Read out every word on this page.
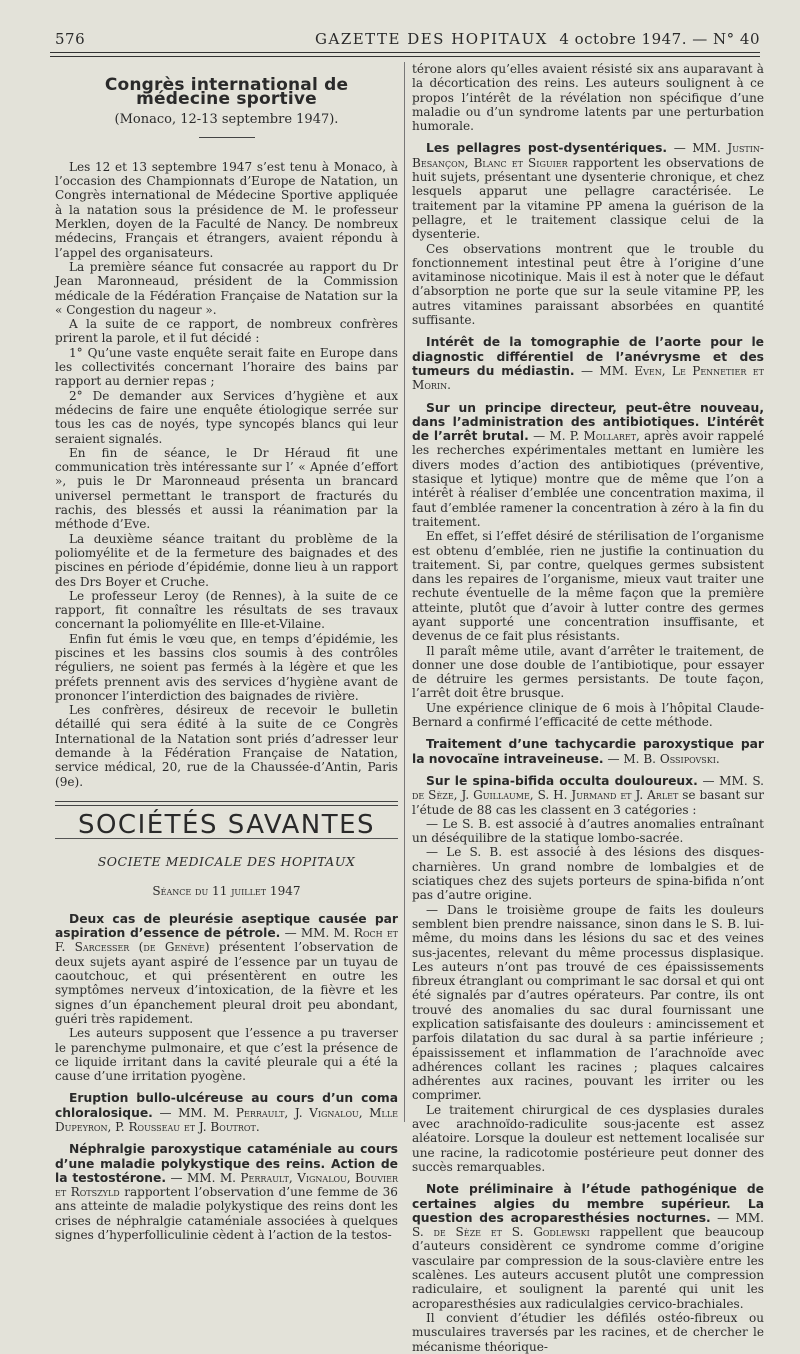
576	GAZETTE DES HOPITAUX 4 octobre 1947. — N° 40
Congrès international de médecine sportive
(Monaco, 12-13 septembre 1947).

Les 12 et 13 septembre 1947 s’est tenu à Monaco, à l’occasion des Championnats d’Europe de Natation, un Congrès international de Médecine Sportive appliquée à la natation sous la présidence de M. le professeur Merklen, doyen de la Faculté de Nancy. De nombreux médecins, Français et étrangers, avaient répondu à l’appel des organisateurs.

La première séance fut consacrée au rapport du Dr Jean Maronneaud, président de la Commission médicale de la Fédération Française de Natation sur la « Congestion du nageur ».

A la suite de ce rapport, de nombreux confrères prirent la parole, et il fut décidé :

1° Qu’une vaste enquête serait faite en Europe dans les collectivités concernant l’horaire des bains par rapport au dernier repas ;

2° De demander aux Services d’hygiène et aux médecins de faire une enquête étiologique serrée sur tous les cas de noyés, type syncopés blancs qui leur seraient signalés.

En fin de séance, le Dr Héraud fit une communication très intéressante sur l’ « Apnée d’effort », puis le Dr Maronneaud présenta un brancard universel permettant le transport de fracturés du rachis, des blessés et aussi la réanimation par la méthode d’Eve.

La deuxième séance traitant du problème de la poliomyélite et de la fermeture des baignades et des piscines en période d’épidémie, donne lieu à un rapport des Drs Boyer et Cruche.

Le professeur Leroy (de Rennes), à la suite de ce rapport, fit connaître les résultats de ses travaux concernant la poliomyélite en Ille-et-Vilaine.

Enfin fut émis le vœu que, en temps d’épidémie, les piscines et les bassins clos soumis à des contrôles réguliers, ne soient pas fermés à la légère et que les préfets prennent avis des services d’hygiène avant de prononcer l’interdiction des baignades de rivière.

Les confrères, désireux de recevoir le bulletin détaillé qui sera édité à la suite de ce Congrès International de la Natation sont priés d’adresser leur demande à la Fédération Française de Natation, service médical, 20, rue de la Chaussée-d’Antin, Paris (9e).

SOCIÉTÉS SAVANTES
SOCIETE MEDICALE DES HOPITAUX
Séance du 11 juillet 1947

Deux cas de pleurésie aseptique causée par aspiration d’essence de pétrole. — MM. M. Roch et F. Sarcesser (de Genève) présentent l’observation de deux sujets ayant aspiré de l’essence par un tuyau de caoutchouc, et qui présentèrent en outre les symptômes nerveux d’intoxication, de la fièvre et les signes d’un épanchement pleural droit peu abondant, guéri très rapidement.

Les auteurs supposent que l’essence a pu traverser le parenchyme pulmonaire, et que c’est la présence de ce liquide irritant dans la cavité pleurale qui a été la cause d’une irritation pyogène.

Eruption bullo-ulcéreuse au cours d’un coma chloralosique. — MM. M. Perrault, J. Vignalou, Mlle Dupeyron, P. Rousseau et J. Boutrot.

Néphralgie paroxystique cataméniale au cours d’une maladie polykystique des reins. Action de la testostérone. — MM. M. Perrault, Vignalou, Bouvier et Rotszyld rapportent l’observation d’une femme de 36 ans atteinte de maladie polykystique des reins dont les crises de néphralgie cataméniale associées à quelques signes d’hyperfolliculinie cèdent à l’action de la testos-

térone alors qu’elles avaient résisté six ans auparavant à la décortication des reins. Les auteurs soulignent à ce propos l’intérêt de la révélation non spécifique d’une maladie ou d’un syndrome latents par une perturbation humorale.

Les pellagres post-dysentériques. — MM. Justin-Besançon, Blanc et Siguier rapportent les observations de huit sujets, présentant une dysenterie chronique, et chez lesquels apparut une pellagre caractérisée. Le traitement par la vitamine PP amena la guérison de la pellagre, et le traitement classique celui de la dysenterie.

Ces observations montrent que le trouble du fonctionnement intestinal peut être à l’origine d’une avitaminose nicotinique. Mais il est à noter que le défaut d’absorption ne porte que sur la seule vitamine PP, les autres vitamines paraissant absorbées en quantité suffisante.

Intérêt de la tomographie de l’aorte pour le diagnostic différentiel de l’anévrysme et des tumeurs du médiastin. — MM. Even, Le Pennetier et Morin.

Sur un principe directeur, peut-être nouveau, dans l’administration des antibiotiques. L’intérêt de l’arrêt brutal. — M. P. Mollaret, après avoir rappelé les recherches expérimentales mettant en lumière les divers modes d’action des antibiotiques (préventive, stasique et lytique) montre que de même que l’on a intérêt à réaliser d’emblée une concentration maxima, il faut d’emblée ramener la concentration à zéro à la fin du traitement.

En effet, si l’effet désiré de stérilisation de l’organisme est obtenu d’emblée, rien ne justifie la continuation du traitement. Si, par contre, quelques germes subsistent dans les repaires de l’organisme, mieux vaut traiter une rechute éventuelle de la même façon que la première atteinte, plutôt que d’avoir à lutter contre des germes ayant supporté une concentration insuffisante, et devenus de ce fait plus résistants.

Il paraît même utile, avant d’arrêter le traitement, de donner une dose double de l’antibiotique, pour essayer de détruire les germes persistants. De toute façon, l’arrêt doit être brusque.

Une expérience clinique de 6 mois à l’hôpital Claude-Bernard a confirmé l’efficacité de cette méthode.

Traitement d’une tachycardie paroxystique par la novocaïne intraveineuse. — M. B. Ossipovski.

Sur le spina-bifida occulta douloureux. — MM. S. de Sèze, J. Guillaume, S. H. Jurmand et J. Arlet se basant sur l’étude de 88 cas les classent en 3 catégories :

— Le S. B. est associé à d’autres anomalies entraînant un déséquilibre de la statique lombo-sacrée.

— Le S. B. est associé à des lésions des disques-charnières. Un grand nombre de lombalgies et de sciatiques chez des sujets porteurs de spina-bifida n’ont pas d’autre origine.

— Dans le troisième groupe de faits les douleurs semblent bien prendre naissance, sinon dans le S. B. lui-même, du moins dans les lésions du sac et des veines sus-jacentes, relevant du même processus displasique. Les auteurs n’ont pas trouvé de ces épaississements fibreux étranglant ou comprimant le sac dorsal et qui ont été signalés par d’autres opérateurs. Par contre, ils ont trouvé des anomalies du sac dural fournissant une explication satisfaisante des douleurs : amincissement et parfois dilatation du sac dural à sa partie inférieure ; épaississement et inflammation de l’arachnoïde avec adhérences collant les racines ; plaques calcaires adhérentes aux racines, pouvant les irriter ou les comprimer.

Le traitement chirurgical de ces dysplasies durales avec arachnoïdo-radiculite sous-jacente est assez aléatoire. Lorsque la douleur est nettement localisée sur une racine, la radicotomie postérieure peut donner des succès remarquables.

Note préliminaire à l’étude pathogénique de certaines algies du membre supérieur. La question des acroparesthésies nocturnes. — MM. S. de Sèze et S. Godlewski rappellent que beaucoup d’auteurs considèrent ce syndrome comme d’origine vasculaire par compression de la sous-clavière entre les scalènes. Les auteurs accusent plutôt une compression radiculaire, et soulignent la parenté qui unit les acroparesthésies aux radiculalgies cervico-brachiales.

Il convient d’étudier les défilés ostéo-fibreux ou musculaires traversés par les racines, et de chercher le mécanisme théorique-
